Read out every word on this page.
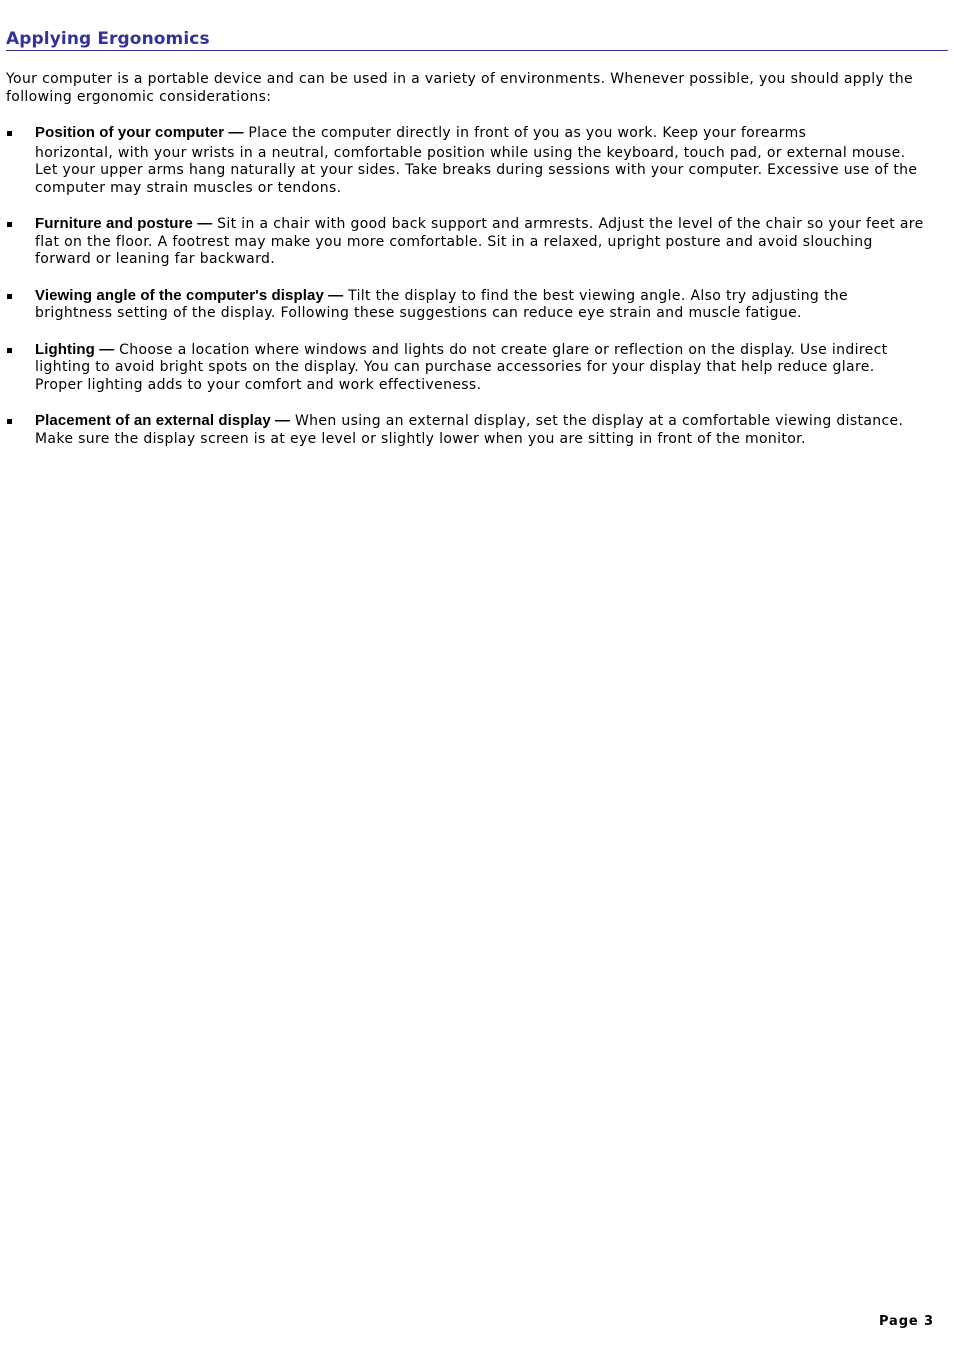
Applying Ergonomics

Your computer is a portable device and can be used in a variety of environments. Whenever possible, you should apply the following ergonomic considerations:

Position of your computer — Place the computer directly in front of you as you work. Keep your forearms
horizontal, with your wrists in a neutral, comfortable position while using the keyboard, touch pad, or external mouse. Let your upper arms hang naturally at your sides. Take breaks during sessions with your computer. Excessive use of the computer may strain muscles or tendons.
Furniture and posture — Sit in a chair with good back support and armrests. Adjust the level of the chair so your feet are flat on the floor. A footrest may make you more comfortable. Sit in a relaxed, upright posture and avoid slouching forward or leaning far backward.
Viewing angle of the computer's display — Tilt the display to find the best viewing angle. Also try adjusting the brightness setting of the display. Following these suggestions can reduce eye strain and muscle fatigue.
Lighting — Choose a location where windows and lights do not create glare or reflection on the display. Use indirect lighting to avoid bright spots on the display. You can purchase accessories for your display that help reduce glare. Proper lighting adds to your comfort and work effectiveness.
Placement of an external display — When using an external display, set the display at a comfortable viewing distance. Make sure the display screen is at eye level or slightly lower when you are sitting in front of the monitor.
Page 3
